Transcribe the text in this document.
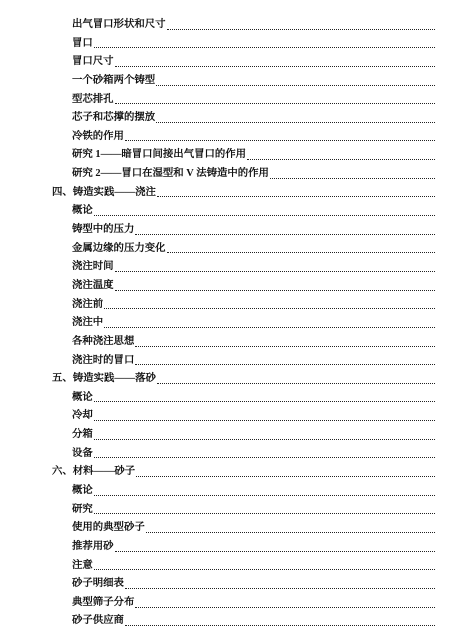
出气冒口形状和尺寸
冒口
冒口尺寸
一个砂箱两个铸型
型芯排孔
芯子和芯撑的摆放
冷铁的作用
研究 1——暗冒口间接出气冒口的作用
研究 2——冒口在湿型和 V 法铸造中的作用
四、铸造实践——浇注
概论
铸型中的压力
金属边缘的压力变化
浇注时间
浇注温度
浇注前
浇注中
各种浇注思想
浇注时的冒口
五、铸造实践——落砂
概论
冷却
分箱
设备
六、材料——砂子
概论
研究
使用的典型砂子
推荐用砂
注意
砂子明细表
典型筛子分布
砂子供应商
